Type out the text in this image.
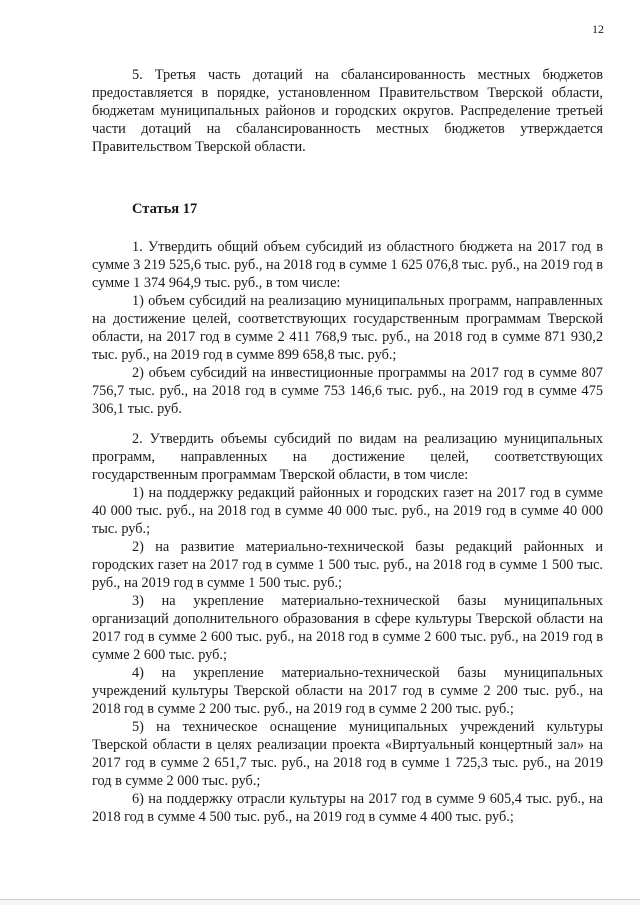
12

5. Третья часть дотаций на сбалансированность местных бюджетов предоставляется в порядке, установленном Правительством Тверской области, бюджетам муниципальных районов и городских округов. Распределение третьей части дотаций на сбалансированность местных бюджетов утверждается Правительством Тверской области.

Статья 17

1. Утвердить общий объем субсидий из областного бюджета на 2017 год в сумме 3 219 525,6 тыс. руб., на 2018 год в сумме 1 625 076,8 тыс. руб., на 2019 год в сумме 1 374 964,9 тыс. руб., в том числе:

1) объем субсидий на реализацию муниципальных программ, направленных на достижение целей, соответствующих государственным программам Тверской области, на 2017 год в сумме 2 411 768,9 тыс. руб., на 2018 год в сумме 871 930,2 тыс. руб., на 2019 год в сумме 899 658,8 тыс. руб.;

2) объем субсидий на инвестиционные программы на 2017 год в сумме 807 756,7 тыс. руб., на 2018 год в сумме 753 146,6 тыс. руб., на 2019 год в сумме 475 306,1 тыс. руб.

2. Утвердить объемы субсидий по видам на реализацию муниципальных программ, направленных на достижение целей, соответствующих государственным программам Тверской области, в том числе:

1) на поддержку редакций районных и городских газет на 2017 год в сумме 40 000 тыс. руб., на 2018 год в сумме 40 000 тыс. руб., на 2019 год в сумме 40 000 тыс. руб.;

2) на развитие материально-технической базы редакций районных и городских газет на 2017 год в сумме 1 500 тыс. руб., на 2018 год в сумме 1 500 тыс. руб., на 2019 год в сумме 1 500 тыс. руб.;

3) на укрепление материально-технической базы муниципальных организаций дополнительного образования в сфере культуры Тверской области на 2017 год в сумме 2 600 тыс. руб., на 2018 год в сумме 2 600 тыс. руб., на 2019 год в сумме 2 600 тыс. руб.;

4) на укрепление материально-технической базы муниципальных учреждений культуры Тверской области на 2017 год в сумме 2 200 тыс. руб., на 2018 год в сумме 2 200 тыс. руб., на 2019 год в сумме 2 200 тыс. руб.;

5) на техническое оснащение муниципальных учреждений культуры Тверской области в целях реализации проекта «Виртуальный концертный зал» на 2017 год в сумме 2 651,7 тыс. руб., на 2018 год в сумме 1 725,3 тыс. руб., на 2019 год в сумме 2 000 тыс. руб.;

6) на поддержку отрасли культуры на 2017 год в сумме 9 605,4 тыс. руб., на 2018 год в сумме 4 500 тыс. руб., на 2019 год в сумме 4 400 тыс. руб.;
